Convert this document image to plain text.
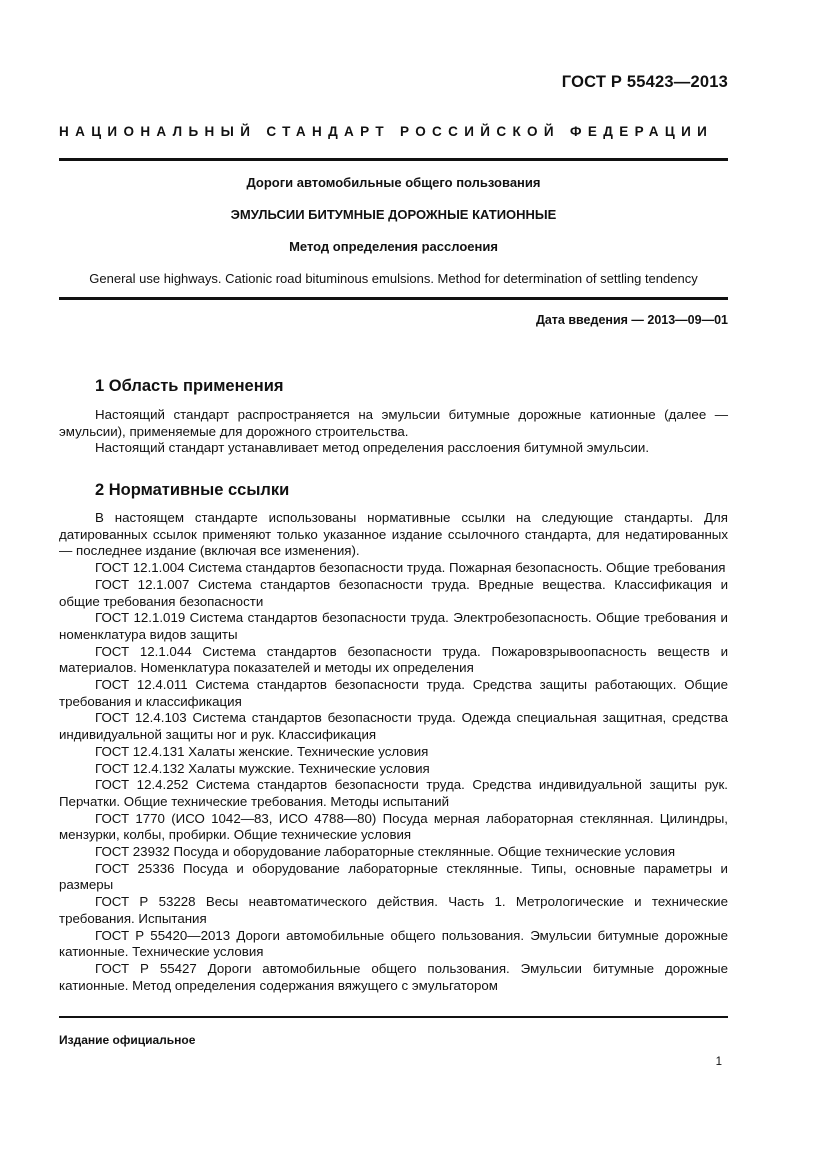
ГОСТ Р 55423—2013
НАЦИОНАЛЬНЫЙ СТАНДАРТ РОССИЙСКОЙ ФЕДЕРАЦИИ
Дороги автомобильные общего пользования
ЭМУЛЬСИИ БИТУМНЫЕ ДОРОЖНЫЕ КАТИОННЫЕ
Метод определения расслоения
General use highways. Cationic road bituminous emulsions. Method for determination of settling tendency
Дата введения — 2013—09—01
1 Область применения

Настоящий стандарт распространяется на эмульсии битумные дорожные катионные (далее — эмульсии), применяемые для дорожного строительства.

Настоящий стандарт устанавливает метод определения расслоения битумной эмульсии.

2 Нормативные ссылки

В настоящем стандарте использованы нормативные ссылки на следующие стандарты. Для датированных ссылок применяют только указанное издание ссылочного стандарта, для недатированных — последнее издание (включая все изменения).

ГОСТ 12.1.004 Система стандартов безопасности труда. Пожарная безопасность. Общие требования

ГОСТ 12.1.007 Система стандартов безопасности труда. Вредные вещества. Классификация и общие требования безопасности

ГОСТ 12.1.019 Система стандартов безопасности труда. Электробезопасность. Общие требования и номенклатура видов защиты

ГОСТ 12.1.044 Система стандартов безопасности труда. Пожаровзрывоопасность веществ и материалов. Номенклатура показателей и методы их определения

ГОСТ 12.4.011 Система стандартов безопасности труда. Средства защиты работающих. Общие требования и классификация

ГОСТ 12.4.103 Система стандартов безопасности труда. Одежда специальная защитная, средства индивидуальной защиты ног и рук. Классификация

ГОСТ 12.4.131 Халаты женские. Технические условия

ГОСТ 12.4.132 Халаты мужские. Технические условия

ГОСТ 12.4.252 Система стандартов безопасности труда. Средства индивидуальной защиты рук. Перчатки. Общие технические требования. Методы испытаний

ГОСТ 1770 (ИСО 1042—83, ИСО 4788—80) Посуда мерная лабораторная стеклянная. Цилиндры, мензурки, колбы, пробирки. Общие технические условия

ГОСТ 23932 Посуда и оборудование лабораторные стеклянные. Общие технические условия

ГОСТ 25336 Посуда и оборудование лабораторные стеклянные. Типы, основные параметры и размеры

ГОСТ Р 53228 Весы неавтоматического действия. Часть 1. Метрологические и технические требования. Испытания

ГОСТ Р 55420—2013 Дороги автомобильные общего пользования. Эмульсии битумные дорожные катионные. Технические условия

ГОСТ Р 55427 Дороги автомобильные общего пользования. Эмульсии битумные дорожные катионные. Метод определения содержания вяжущего с эмульгатором

Издание официальное
1
